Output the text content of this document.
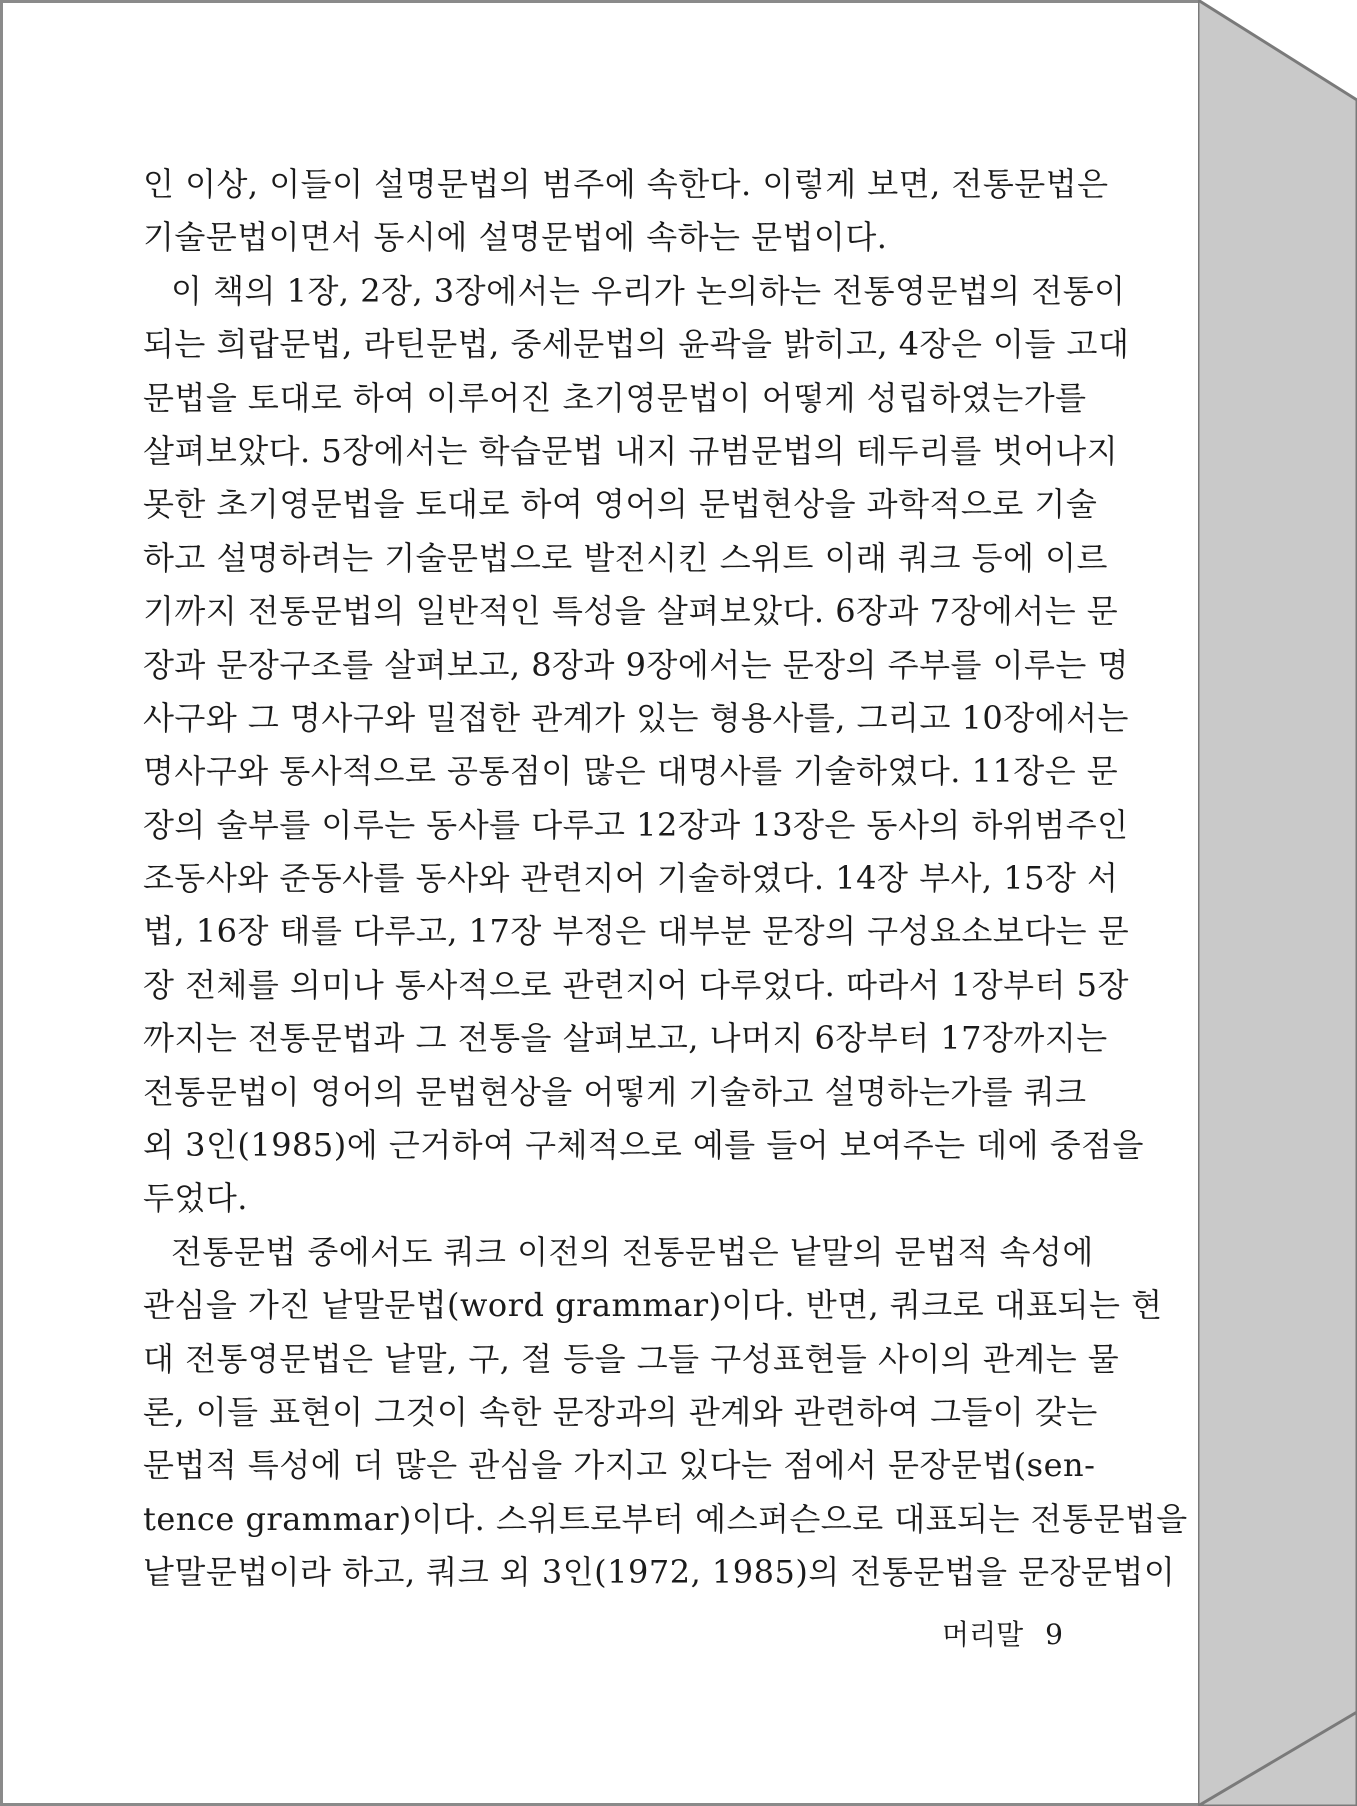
인 이상, 이들이 설명문법의 범주에 속한다. 이렇게 보면, 전통문법은
기술문법이면서 동시에 설명문법에 속하는 문법이다.
이 책의 1장, 2장, 3장에서는 우리가 논의하는 전통영문법의 전통이
되는 희랍문법, 라틴문법, 중세문법의 윤곽을 밝히고, 4장은 이들 고대
문법을 토대로 하여 이루어진 초기영문법이 어떻게 성립하였는가를
살펴보았다. 5장에서는 학습문법 내지 규범문법의 테두리를 벗어나지
못한 초기영문법을 토대로 하여 영어의 문법현상을 과학적으로 기술
하고 설명하려는 기술문법으로 발전시킨 스위트 이래 쿼크 등에 이르
기까지 전통문법의 일반적인 특성을 살펴보았다. 6장과 7장에서는 문
장과 문장구조를 살펴보고, 8장과 9장에서는 문장의 주부를 이루는 명
사구와 그 명사구와 밀접한 관계가 있는 형용사를, 그리고 10장에서는
명사구와 통사적으로 공통점이 많은 대명사를 기술하였다. 11장은 문
장의 술부를 이루는 동사를 다루고 12장과 13장은 동사의 하위범주인
조동사와 준동사를 동사와 관련지어 기술하였다. 14장 부사, 15장 서
법, 16장 태를 다루고, 17장 부정은 대부분 문장의 구성요소보다는 문
장 전체를 의미나 통사적으로 관련지어 다루었다. 따라서 1장부터 5장
까지는 전통문법과 그 전통을 살펴보고, 나머지 6장부터 17장까지는
전통문법이 영어의 문법현상을 어떻게 기술하고 설명하는가를 쿼크
외 3인(1985)에 근거하여 구체적으로 예를 들어 보여주는 데에 중점을
두었다.
전통문법 중에서도 쿼크 이전의 전통문법은 낱말의 문법적 속성에
관심을 가진 낱말문법(word grammar)이다. 반면, 쿼크로 대표되는 현
대 전통영문법은 낱말, 구, 절 등을 그들 구성표현들 사이의 관계는 물
론, 이들 표현이 그것이 속한 문장과의 관계와 관련하여 그들이 갖는
문법적 특성에 더 많은 관심을 가지고 있다는 점에서 문장문법(sen-
tence grammar)이다. 스위트로부터 예스퍼슨으로 대표되는 전통문법을
낱말문법이라 하고, 쿼크 외 3인(1972, 1985)의 전통문법을 문장문법이
머리말 9
